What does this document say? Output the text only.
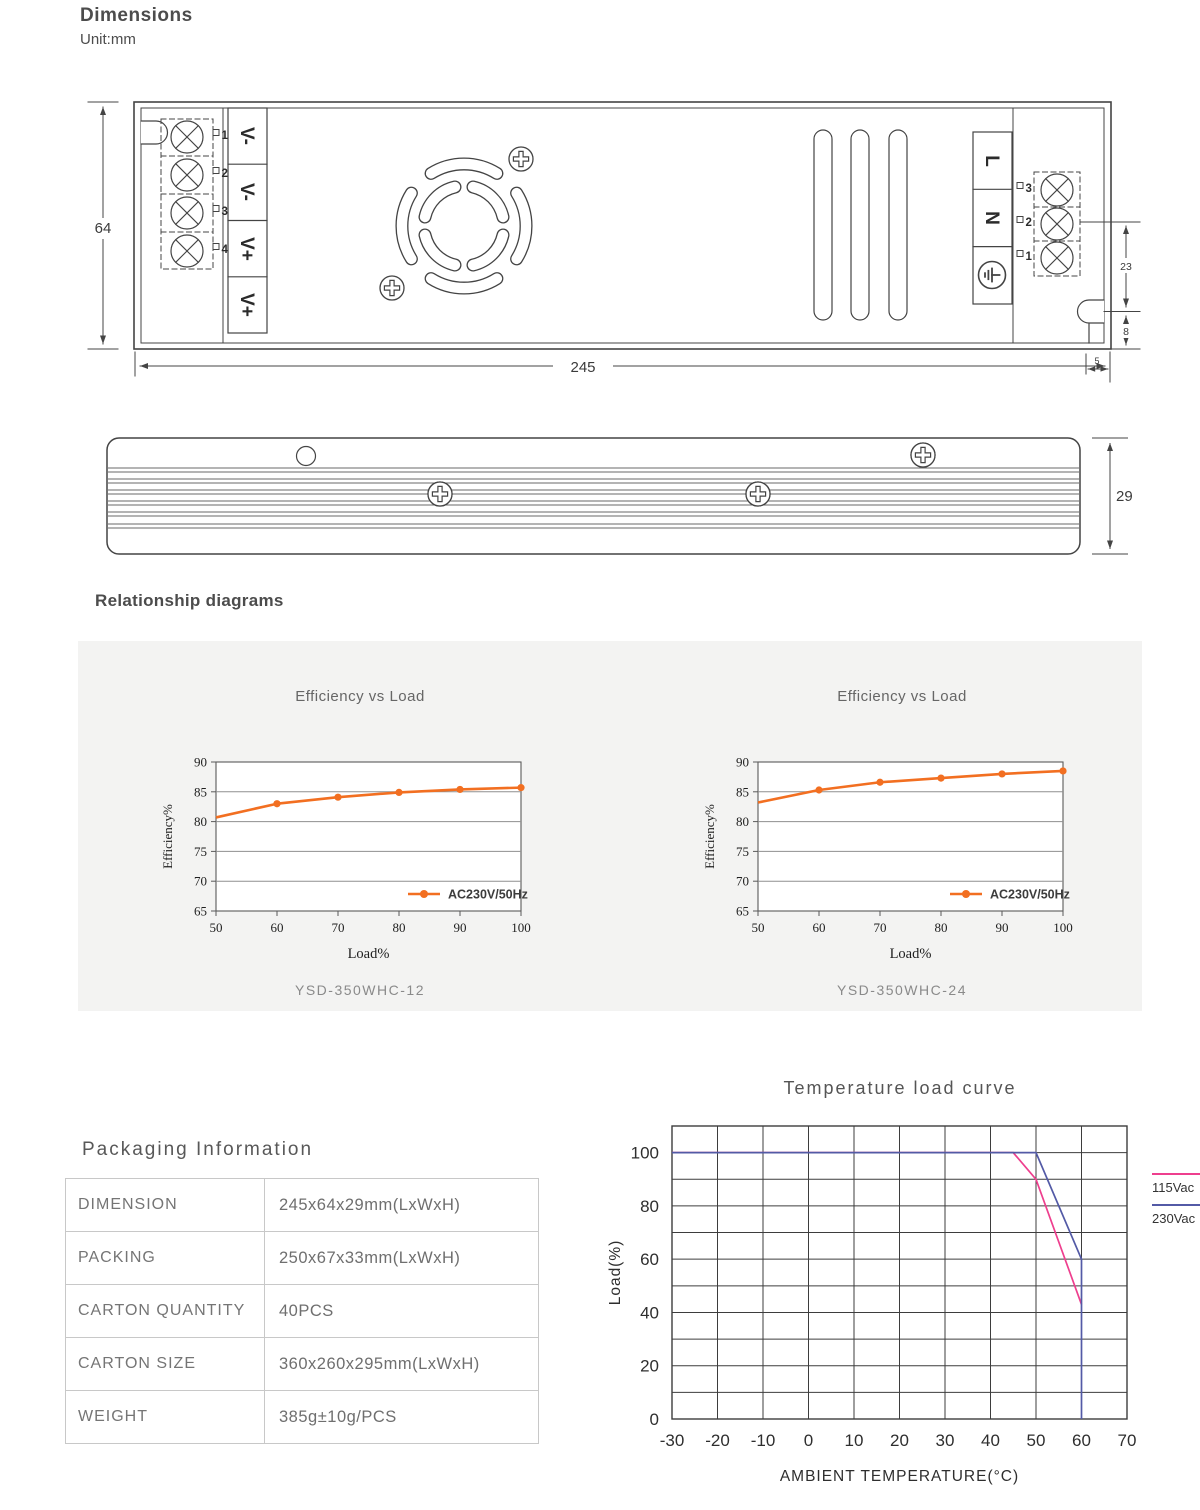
Dimensions
Unit:mm
Relationship diagrams
Packaging Information
1
2
3
4
V-
V-
V+
V+
L
N
3
2
1
64
245
23
8
5
29
Efficiency vs Load	Efficiency vs Load
65
70
75
80
85
90
50	60	70	80	90	100
Efficiency%
Load%
AC230V/50Hz
65
70
75
80
85
90
50	60	70	80	90	100
Efficiency%
Load%
AC230V/50Hz
YSD-350WHC-12	YSD-350WHC-24
DIMENSION	245x64x29mm(LxWxH)
PACKING	250x67x33mm(LxWxH)
CARTON QUANTITY	40PCS
CARTON SIZE	360x260x295mm(LxWxH)
WEIGHT	385g±10g/PCS
Temperature load curve
-30 -20 -10 0 10 20 30 40 50 60 70
0
20
40
60
80
100
Load(%)
AMBIENT TEMPERATURE(°C)
115Vac
230Vac
